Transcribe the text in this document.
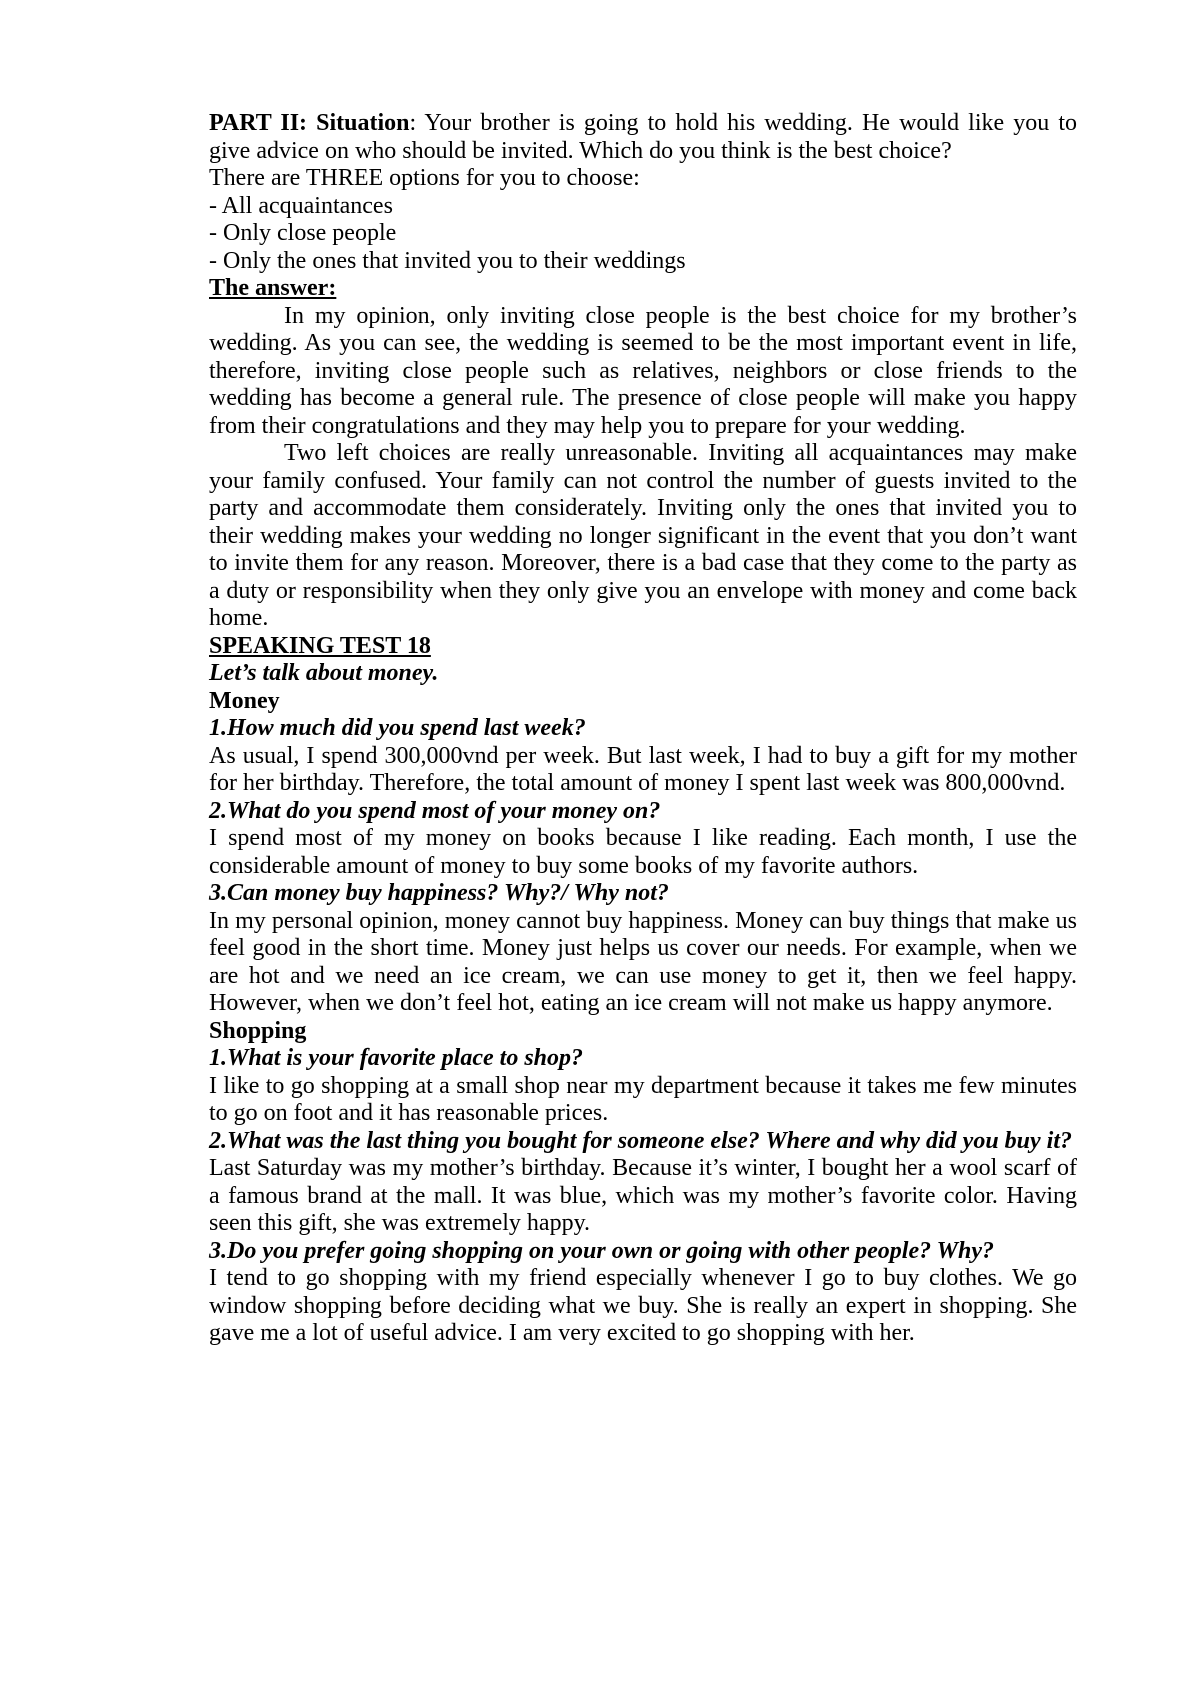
PART II: Situation: Your brother is going to hold his wedding. He would like you to give advice on who should be invited. Which do you think is the best choice?

There are THREE options for you to choose:

- All acquaintances

- Only close people

- Only the ones that invited you to their weddings

The answer:

In my opinion, only inviting close people is the best choice for my brother’s wedding. As you can see, the wedding is seemed to be the most important event in life, therefore, inviting close people such as relatives, neighbors or close friends to the wedding has become a general rule. The presence of close people will make you happy from their congratulations and they may help you to prepare for your wedding.

Two left choices are really unreasonable. Inviting all acquaintances may make your family confused. Your family can not control the number of guests invited to the party and accommodate them considerately. Inviting only the ones that invited you to their wedding makes your wedding no longer significant in the event that you don’t want to invite them for any reason. Moreover, there is a bad case that they come to the party as a duty or responsibility when they only give you an envelope with money and come back home.

SPEAKING TEST 18

Let’s talk about money.

Money

1.How much did you spend last week?

As usual, I spend 300,000vnd per week. But last week, I had to buy a gift for my mother for her birthday. Therefore, the total amount of money I spent last week was 800,000vnd.

2.What do you spend most of your money on?

I spend most of my money on books because I like reading. Each month, I use the considerable amount of money to buy some books of my favorite authors.

3.Can money buy happiness? Why?/ Why not?

In my personal opinion, money cannot buy happiness. Money can buy things that make us feel good in the short time. Money just helps us cover our needs. For example, when we are hot and we need an ice cream, we can use money to get it, then we feel happy. However, when we don’t feel hot, eating an ice cream will not make us happy anymore.

Shopping

1.What is your favorite place to shop?

I like to go shopping at a small shop near my department because it takes me few minutes to go on foot and it has reasonable prices.

2.What was the last thing you bought for someone else? Where and why did you buy it?

Last Saturday was my mother’s birthday. Because it’s winter, I bought her a wool scarf of a famous brand at the mall. It was blue, which was my mother’s favorite color. Having seen this gift, she was extremely happy.

3.Do you prefer going shopping on your own or going with other people? Why?

I tend to go shopping with my friend especially whenever I go to buy clothes. We go window shopping before deciding what we buy. She is really an expert in shopping. She gave me a lot of useful advice. I am very excited to go shopping with her.
